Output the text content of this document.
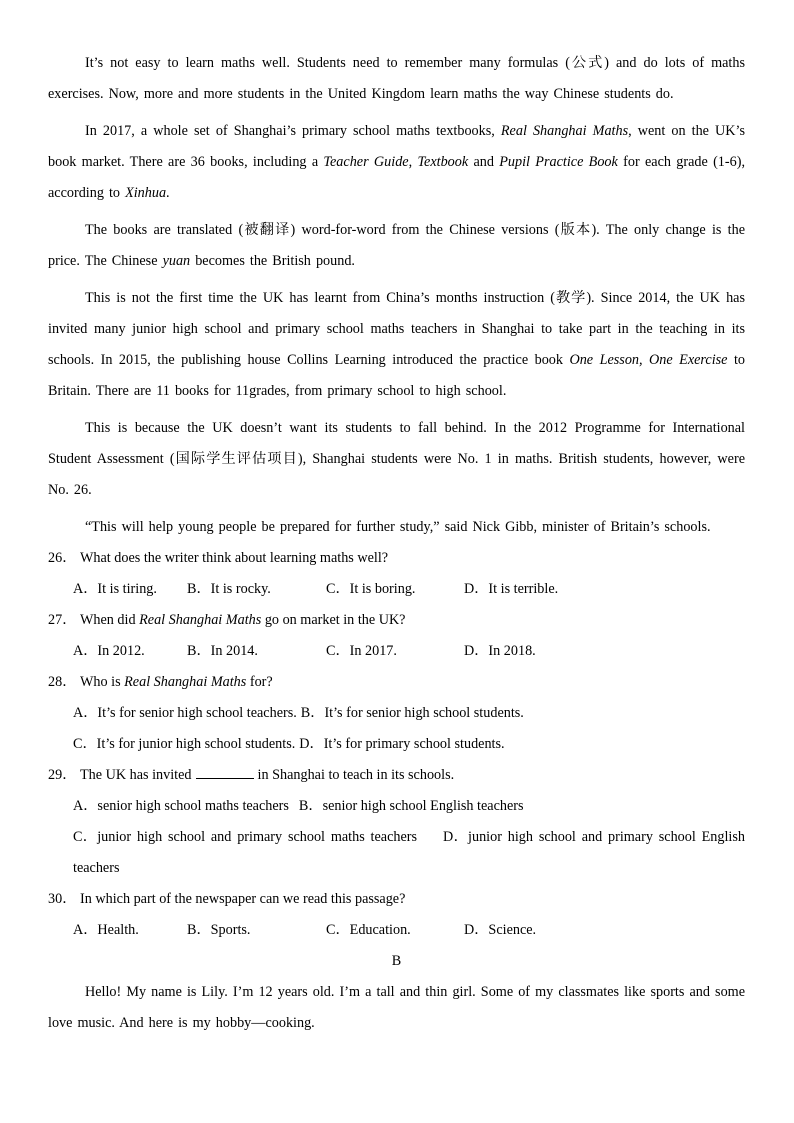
It’s not easy to learn maths well. Students need to remember many formulas (公式) and do lots of maths exercises. Now, more and more students in the United Kingdom learn maths the way Chinese students do.

In 2017, a whole set of Shanghai’s primary school maths textbooks, Real Shanghai Maths, went on the UK’s book market. There are 36 books, including a Teacher Guide, Textbook and Pupil Practice Book for each grade (1-6), according to Xinhua.

The books are translated (被翻译) word-for-word from the Chinese versions (版本). The only change is the price. The Chinese yuan becomes the British pound.

This is not the first time the UK has learnt from China’s months instruction (教学). Since 2014, the UK has invited many junior high school and primary school maths teachers in Shanghai to take part in the teaching in its schools. In 2015, the publishing house Collins Learning introduced the practice book One Lesson, One Exercise to Britain. There are 11 books for 11grades, from primary school to high school.

This is because the UK doesn’t want its students to fall behind. In the 2012 Programme for International Student Assessment (国际学生评估项目), Shanghai students were No. 1 in maths. British students, however, were No. 26.

“This will help young people be prepared for further study,” said Nick Gibb, minister of Britain’s schools.

26． What does the writer think about learning maths well?
A．It is tiring.	B．It is rocky.	C．It is boring.	D．It is terrible.
27． When did Real Shanghai Maths go on market in the UK?
A．In 2012.	B．In 2014.	C．In 2017.	D．In 2018.
28． Who is Real Shanghai Maths for?
A．It’s for senior high school teachers. B．It’s for senior high school students.
C．It’s for junior high school students. D．It’s for primary school students.
29． The UK has invited	in Shanghai to teach in its schools.
A．senior high school maths teachers B．senior high school English teachers
C．junior high school and primary school maths teachers D．junior high school and primary school English teachers
30． In which part of the newspaper can we read this passage?
A．Health.	B．Sports.	C．Education.	D．Science.
B

Hello! My name is Lily. I’m 12 years old. I’m a tall and thin girl. Some of my classmates like sports and some love music. And here is my hobby—cooking.
